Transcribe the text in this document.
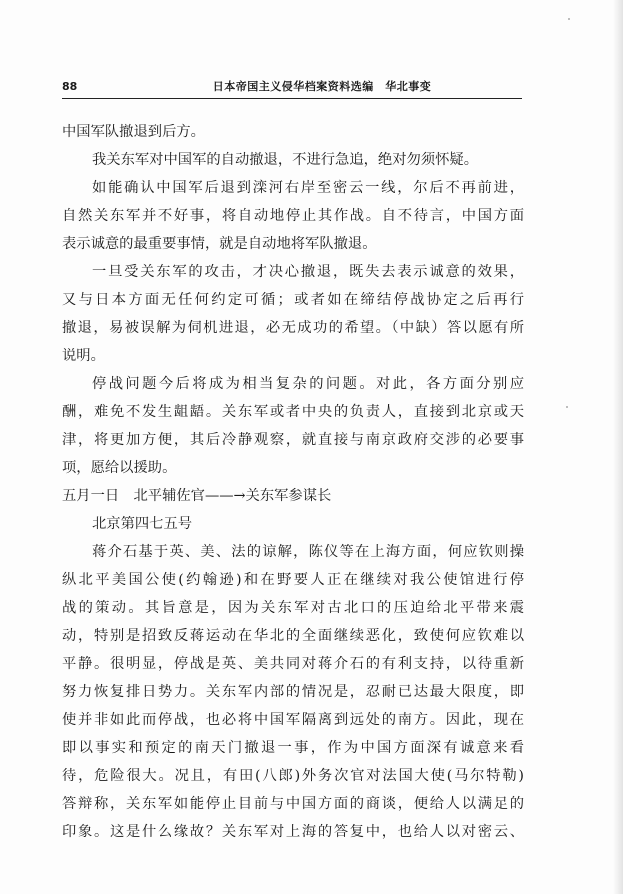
88	日本帝国主义侵华档案资料选编　华北事变
中国军队撤退到后方。
我关东军对中国军的自动撤退，不进行急追，绝对勿须怀疑。
如能确认中国军后退到滦河右岸至密云一线，尔后不再前进，
自然关东军并不好事，将自动地停止其作战。自不待言，中国方面
表示诚意的最重要事情，就是自动地将军队撤退。
一旦受关东军的攻击，才决心撤退，既失去表示诚意的效果，
又与日本方面无任何约定可循；或者如在缔结停战协定之后再行
撤退，易被误解为伺机进退，必无成功的希望。（中缺）答以愿有所
说明。
停战问题今后将成为相当复杂的问题。对此，各方面分别应
酬，难免不发生龃龉。关东军或者中央的负责人，直接到北京或天
津，将更加方便，其后冷静观察，就直接与南京政府交涉的必要事
项，愿给以援助。
五月一日　北平辅佐官——→关东军参谋长
北京第四七五号
蒋介石基于英、美、法的谅解，陈仪等在上海方面，何应钦则操
纵北平美国公使(约翰逊)和在野要人正在继续对我公使馆进行停
战的策动。其旨意是，因为关东军对古北口的压迫给北平带来震
动，特别是招致反蒋运动在华北的全面继续恶化，致使何应钦难以
平静。很明显，停战是英、美共同对蒋介石的有利支持，以待重新
努力恢复排日势力。关东军内部的情况是，忍耐已达最大限度，即
使并非如此而停战，也必将中国军隔离到远处的南方。因此，现在
即以事实和预定的南天门撤退一事，作为中国方面深有诚意来看
待，危险很大。况且，有田(八郎)外务次官对法国大使(马尔特勒)
答辩称，关东军如能停止目前与中国方面的商谈，便给人以满足的
印象。这是什么缘故？关东军对上海的答复中，也给人以对密云、
